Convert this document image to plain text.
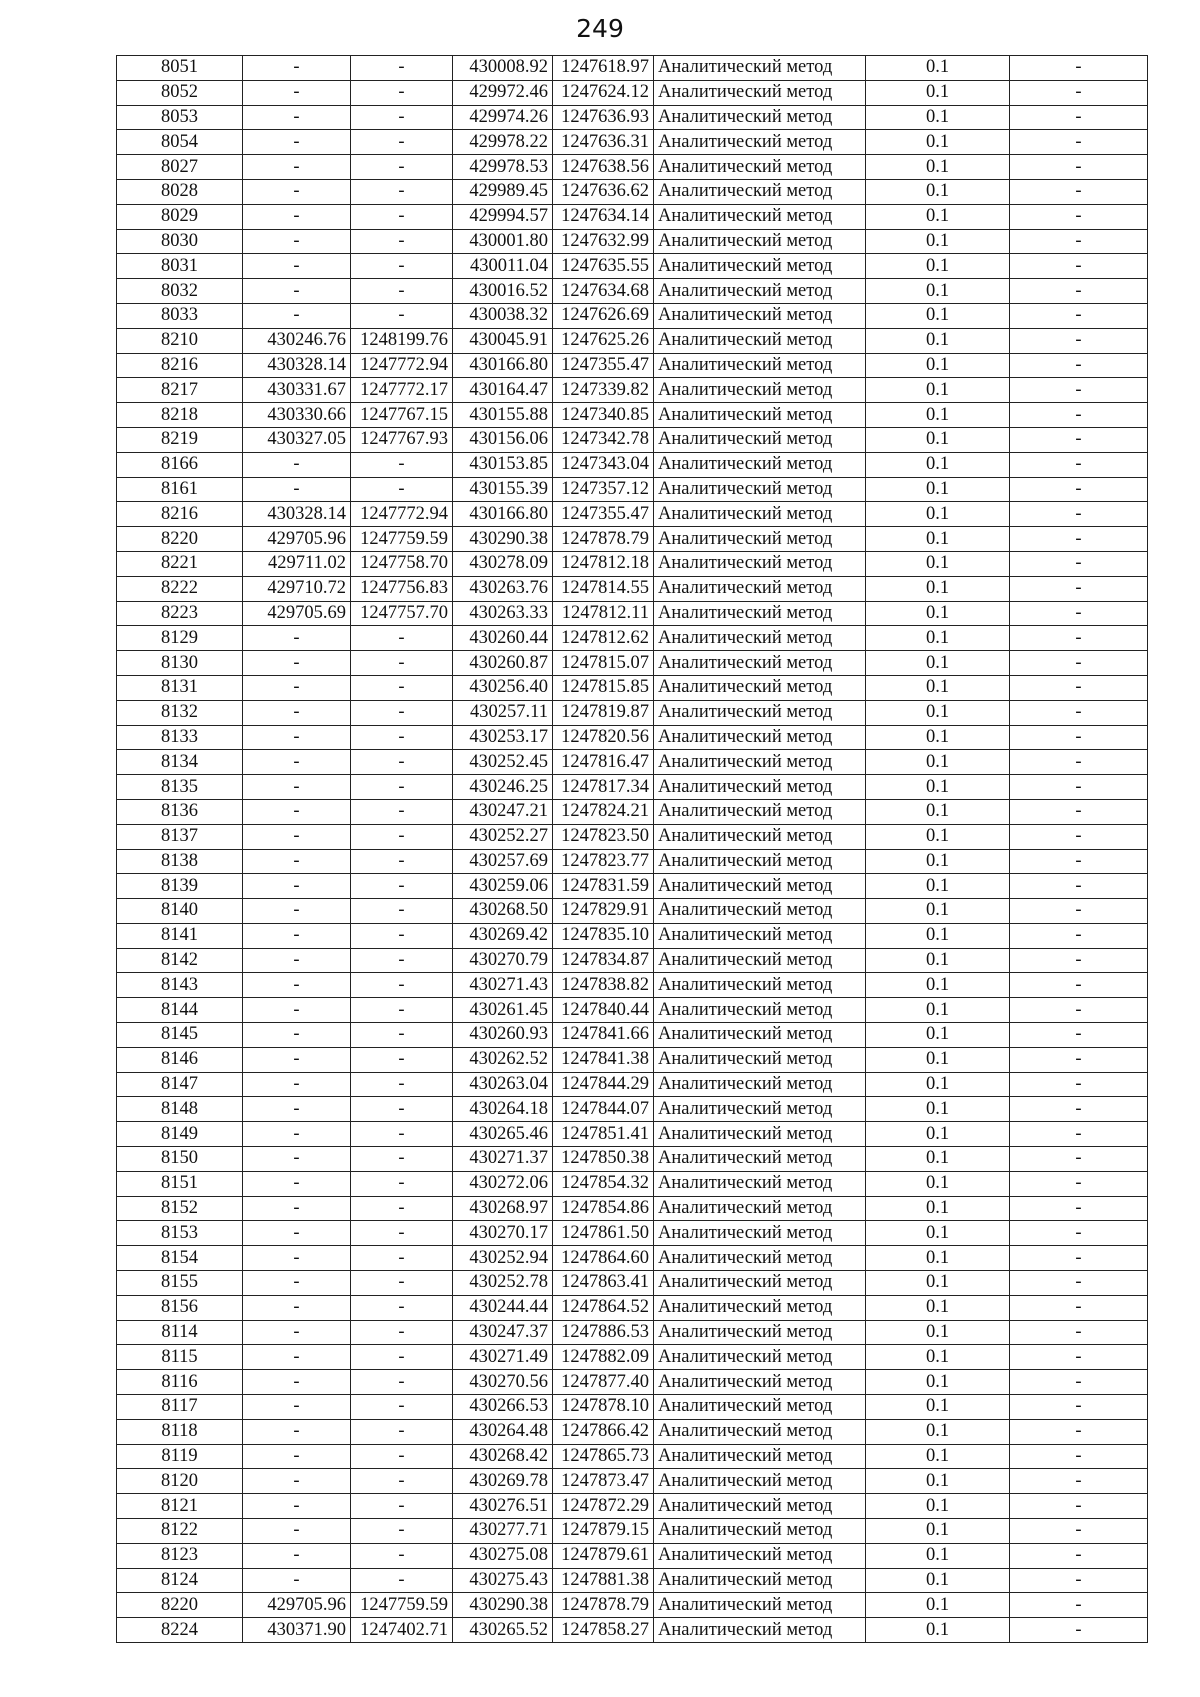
249
8051	-	-	430008.92	1247618.97	Аналитический метод	0.1	-
8052	-	-	429972.46	1247624.12	Аналитический метод	0.1	-
8053	-	-	429974.26	1247636.93	Аналитический метод	0.1	-
8054	-	-	429978.22	1247636.31	Аналитический метод	0.1	-
8027	-	-	429978.53	1247638.56	Аналитический метод	0.1	-
8028	-	-	429989.45	1247636.62	Аналитический метод	0.1	-
8029	-	-	429994.57	1247634.14	Аналитический метод	0.1	-
8030	-	-	430001.80	1247632.99	Аналитический метод	0.1	-
8031	-	-	430011.04	1247635.55	Аналитический метод	0.1	-
8032	-	-	430016.52	1247634.68	Аналитический метод	0.1	-
8033	-	-	430038.32	1247626.69	Аналитический метод	0.1	-
8210	430246.76	1248199.76	430045.91	1247625.26	Аналитический метод	0.1	-
8216	430328.14	1247772.94	430166.80	1247355.47	Аналитический метод	0.1	-
8217	430331.67	1247772.17	430164.47	1247339.82	Аналитический метод	0.1	-
8218	430330.66	1247767.15	430155.88	1247340.85	Аналитический метод	0.1	-
8219	430327.05	1247767.93	430156.06	1247342.78	Аналитический метод	0.1	-
8166	-	-	430153.85	1247343.04	Аналитический метод	0.1	-
8161	-	-	430155.39	1247357.12	Аналитический метод	0.1	-
8216	430328.14	1247772.94	430166.80	1247355.47	Аналитический метод	0.1	-
8220	429705.96	1247759.59	430290.38	1247878.79	Аналитический метод	0.1	-
8221	429711.02	1247758.70	430278.09	1247812.18	Аналитический метод	0.1	-
8222	429710.72	1247756.83	430263.76	1247814.55	Аналитический метод	0.1	-
8223	429705.69	1247757.70	430263.33	1247812.11	Аналитический метод	0.1	-
8129	-	-	430260.44	1247812.62	Аналитический метод	0.1	-
8130	-	-	430260.87	1247815.07	Аналитический метод	0.1	-
8131	-	-	430256.40	1247815.85	Аналитический метод	0.1	-
8132	-	-	430257.11	1247819.87	Аналитический метод	0.1	-
8133	-	-	430253.17	1247820.56	Аналитический метод	0.1	-
8134	-	-	430252.45	1247816.47	Аналитический метод	0.1	-
8135	-	-	430246.25	1247817.34	Аналитический метод	0.1	-
8136	-	-	430247.21	1247824.21	Аналитический метод	0.1	-
8137	-	-	430252.27	1247823.50	Аналитический метод	0.1	-
8138	-	-	430257.69	1247823.77	Аналитический метод	0.1	-
8139	-	-	430259.06	1247831.59	Аналитический метод	0.1	-
8140	-	-	430268.50	1247829.91	Аналитический метод	0.1	-
8141	-	-	430269.42	1247835.10	Аналитический метод	0.1	-
8142	-	-	430270.79	1247834.87	Аналитический метод	0.1	-
8143	-	-	430271.43	1247838.82	Аналитический метод	0.1	-
8144	-	-	430261.45	1247840.44	Аналитический метод	0.1	-
8145	-	-	430260.93	1247841.66	Аналитический метод	0.1	-
8146	-	-	430262.52	1247841.38	Аналитический метод	0.1	-
8147	-	-	430263.04	1247844.29	Аналитический метод	0.1	-
8148	-	-	430264.18	1247844.07	Аналитический метод	0.1	-
8149	-	-	430265.46	1247851.41	Аналитический метод	0.1	-
8150	-	-	430271.37	1247850.38	Аналитический метод	0.1	-
8151	-	-	430272.06	1247854.32	Аналитический метод	0.1	-
8152	-	-	430268.97	1247854.86	Аналитический метод	0.1	-
8153	-	-	430270.17	1247861.50	Аналитический метод	0.1	-
8154	-	-	430252.94	1247864.60	Аналитический метод	0.1	-
8155	-	-	430252.78	1247863.41	Аналитический метод	0.1	-
8156	-	-	430244.44	1247864.52	Аналитический метод	0.1	-
8114	-	-	430247.37	1247886.53	Аналитический метод	0.1	-
8115	-	-	430271.49	1247882.09	Аналитический метод	0.1	-
8116	-	-	430270.56	1247877.40	Аналитический метод	0.1	-
8117	-	-	430266.53	1247878.10	Аналитический метод	0.1	-
8118	-	-	430264.48	1247866.42	Аналитический метод	0.1	-
8119	-	-	430268.42	1247865.73	Аналитический метод	0.1	-
8120	-	-	430269.78	1247873.47	Аналитический метод	0.1	-
8121	-	-	430276.51	1247872.29	Аналитический метод	0.1	-
8122	-	-	430277.71	1247879.15	Аналитический метод	0.1	-
8123	-	-	430275.08	1247879.61	Аналитический метод	0.1	-
8124	-	-	430275.43	1247881.38	Аналитический метод	0.1	-
8220	429705.96	1247759.59	430290.38	1247878.79	Аналитический метод	0.1	-
8224	430371.90	1247402.71	430265.52	1247858.27	Аналитический метод	0.1	-
